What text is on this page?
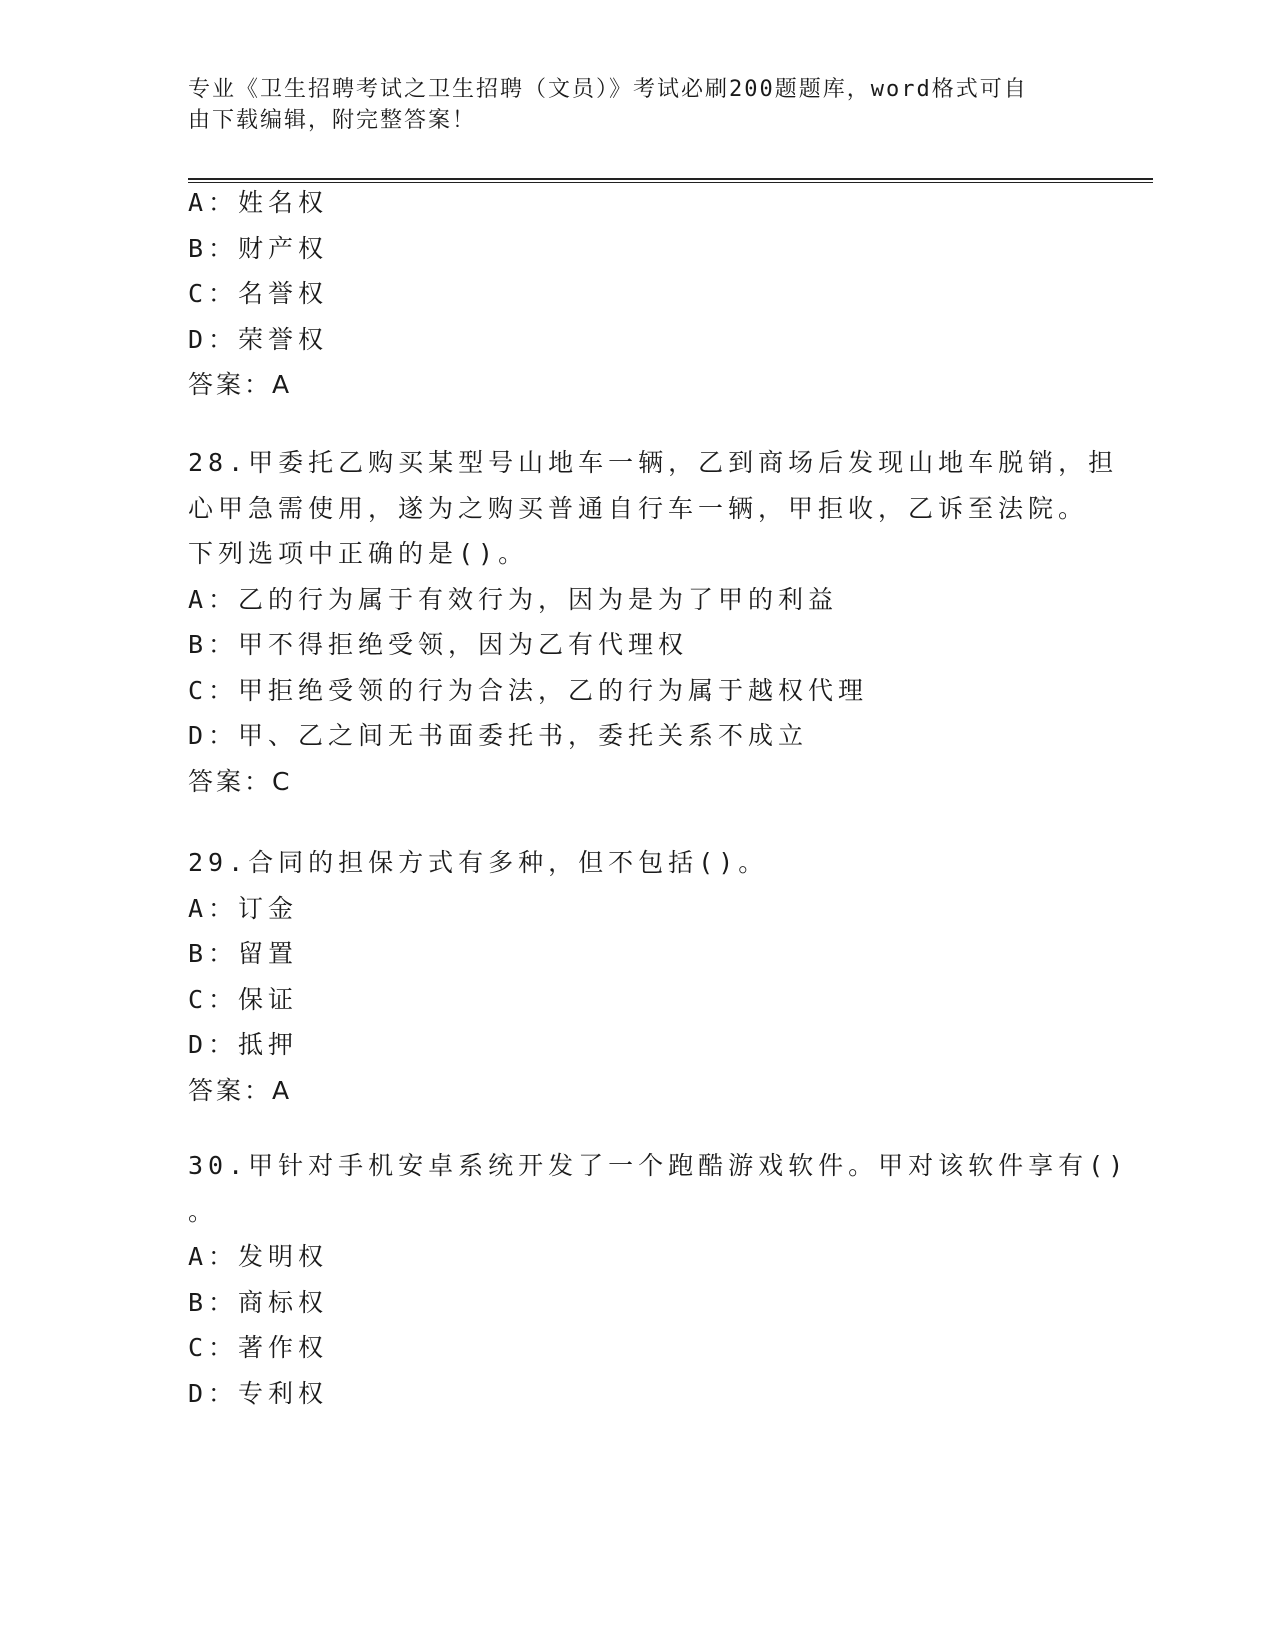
专业《卫生招聘考试之卫生招聘（文员）》考试必刷200题题库，word格式可自
由下载编辑，附完整答案！
A：姓名权
B：财产权
C：名誉权
D：荣誉权
答案：A
28.甲委托乙购买某型号山地车一辆，乙到商场后发现山地车脱销，担
心甲急需使用，遂为之购买普通自行车一辆，甲拒收，乙诉至法院。
下列选项中正确的是()。
A：乙的行为属于有效行为，因为是为了甲的利益
B：甲不得拒绝受领，因为乙有代理权
C：甲拒绝受领的行为合法，乙的行为属于越权代理
D：甲、乙之间无书面委托书，委托关系不成立
答案：C
29.合同的担保方式有多种，但不包括()。
A：订金
B：留置
C：保证
D：抵押
答案：A
30.甲针对手机安卓系统开发了一个跑酷游戏软件。甲对该软件享有()
。
A：发明权
B：商标权
C：著作权
D：专利权
